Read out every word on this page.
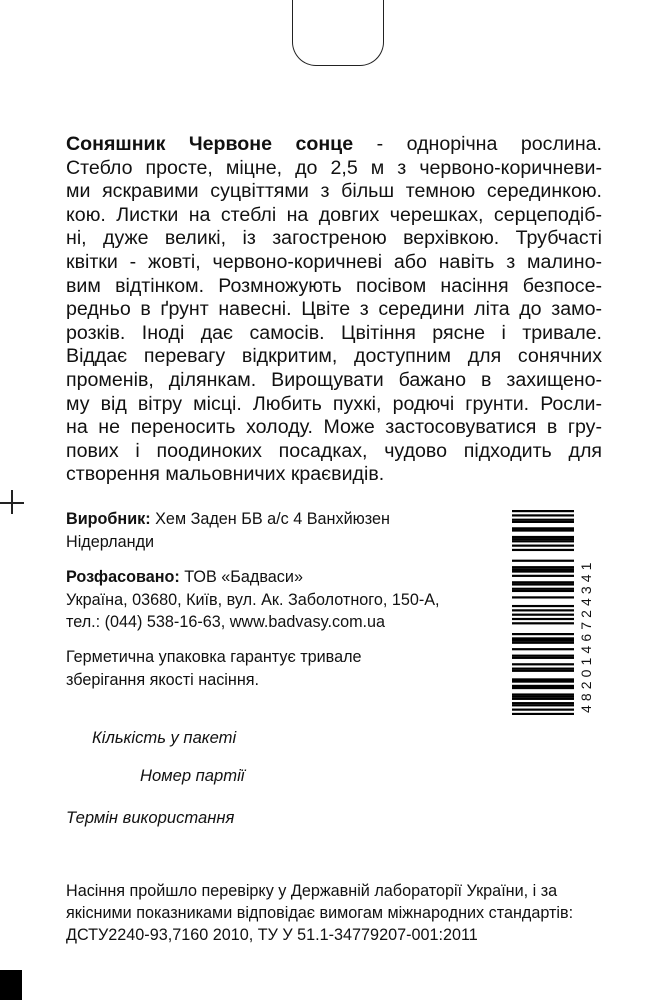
Соняшник Червоне сонце - однорічна рослина.
Стебло просте, міцне, до 2,5 м з червоно-коричневи-
ми яскравими суцвіттями з більш темною серединкою.
кою. Листки на стеблі на довгих черешках, серцеподіб-
ні, дуже великі, із загостреною верхівкою. Трубчасті
квітки - жовті, червоно-коричневі або навіть з малино-
вим відтінком. Розмножують посівом насіння безпосе-
редньо в ґрунт навесні. Цвіте з середини літа до замо-
розків. Іноді дає самосів. Цвітіння рясне і тривале.
Віддає перевагу відкритим, доступним для сонячних
променів, ділянкам. Вирощувати бажано в захищено-
му від вітру місці. Любить пухкі, родючі грунти. Росли-
на не переносить холоду. Може застосовуватися в гру-
пових і поодиноких посадках, чудово підходить для
створення мальовничих краєвидів.
Виробник: Хем Заден БВ а/с 4 Ванхйюзен
Нідерланди
Розфасовано: ТОВ «Бадваси»
Україна, 03680, Київ, вул. Ак. Заболотного, 150-А,
тел.: (044) 538-16-63, www.badvasy.com.ua
Герметична упаковка гарантує тривале
зберігання якості насіння.
Кількість у пакеті
Номер партії
Термін використання
Насіння пройшло перевірку у Державній лабораторії України, і за
якісними показниками відповідає вимогам міжнародних стандартів:
ДСТУ2240-93,7160 2010, ТУ У 51.1-34779207-001:2011
4820146724341
